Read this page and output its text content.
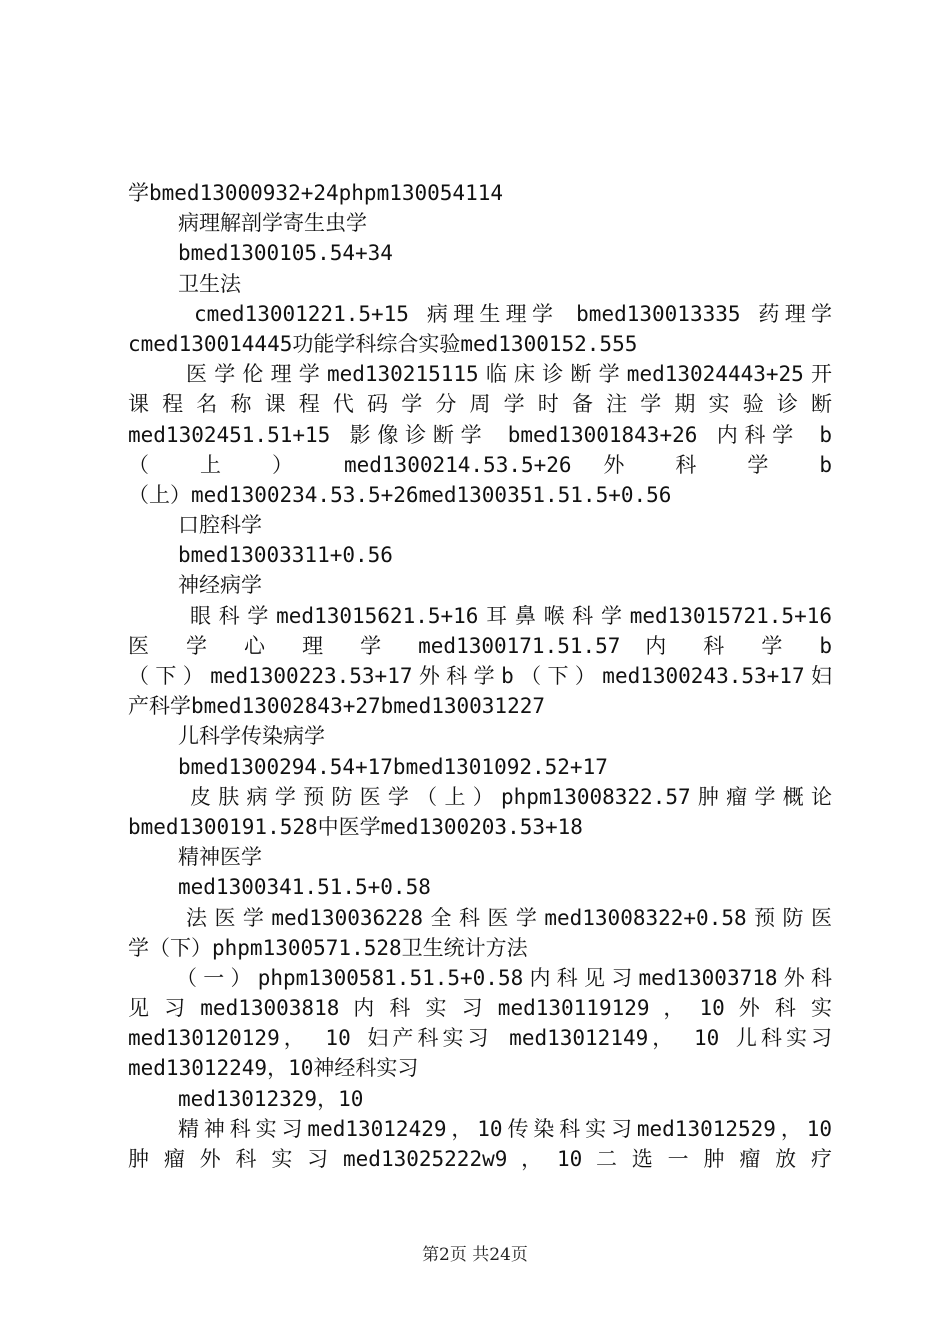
学bmed13000932+24phpm130054114
病理解剖学寄生虫学
bmed1300105.54+34
卫生法
cmed13001221.5+15 病理生理学 bmed130013335 药理学
cmed130014445功能学科综合实验med1300152.555
医学伦理学med130215115临床诊断学med13024443+25开
课 程 名 称 课 程 代 码 学 分 周 学 时 备 注 学 期 实 验 诊 断
med1302451.51+15 影像诊断学 bmed13001843+26 内科学 b
（ 上 ） med1300214.53.5+26 外 科 学 b
（上）med1300234.53.5+26med1300351.51.5+0.56
口腔科学
bmed13003311+0.56
神经病学
眼科学med13015621.5+16耳鼻喉科学med13015721.5+16
医 学 心 理 学 med1300171.51.57 内 科 学 b
（下）med1300223.53+17外科学b（下）med1300243.53+17妇
产科学bmed13002843+27bmed130031227
儿科学传染病学
bmed1300294.54+17bmed1301092.52+17
皮肤病学预防医学（上）phpm13008322.57肿瘤学概论
bmed1300191.528中医学med1300203.53+18
精神医学
med1300341.51.5+0.58
法医学med130036228全科医学med13008322+0.58预防医
学（下）phpm1300571.528卫生统计方法
（一）phpm1300581.51.5+0.58内科见习med13003718外科
见 习 med13003818 内 科 实 习 med130119129 ， 10 外 科 实
med130120129， 10 妇产科实习 med13012149， 10 儿科实习
med13012249，10神经科实习
med13012329，10
精神科实习med13012429，10传染科实习med13012529，10
肿 瘤 外 科 实 习 med13025222w9 ， 10 二 选 一 肿 瘤 放 疗
第2页 共24页
